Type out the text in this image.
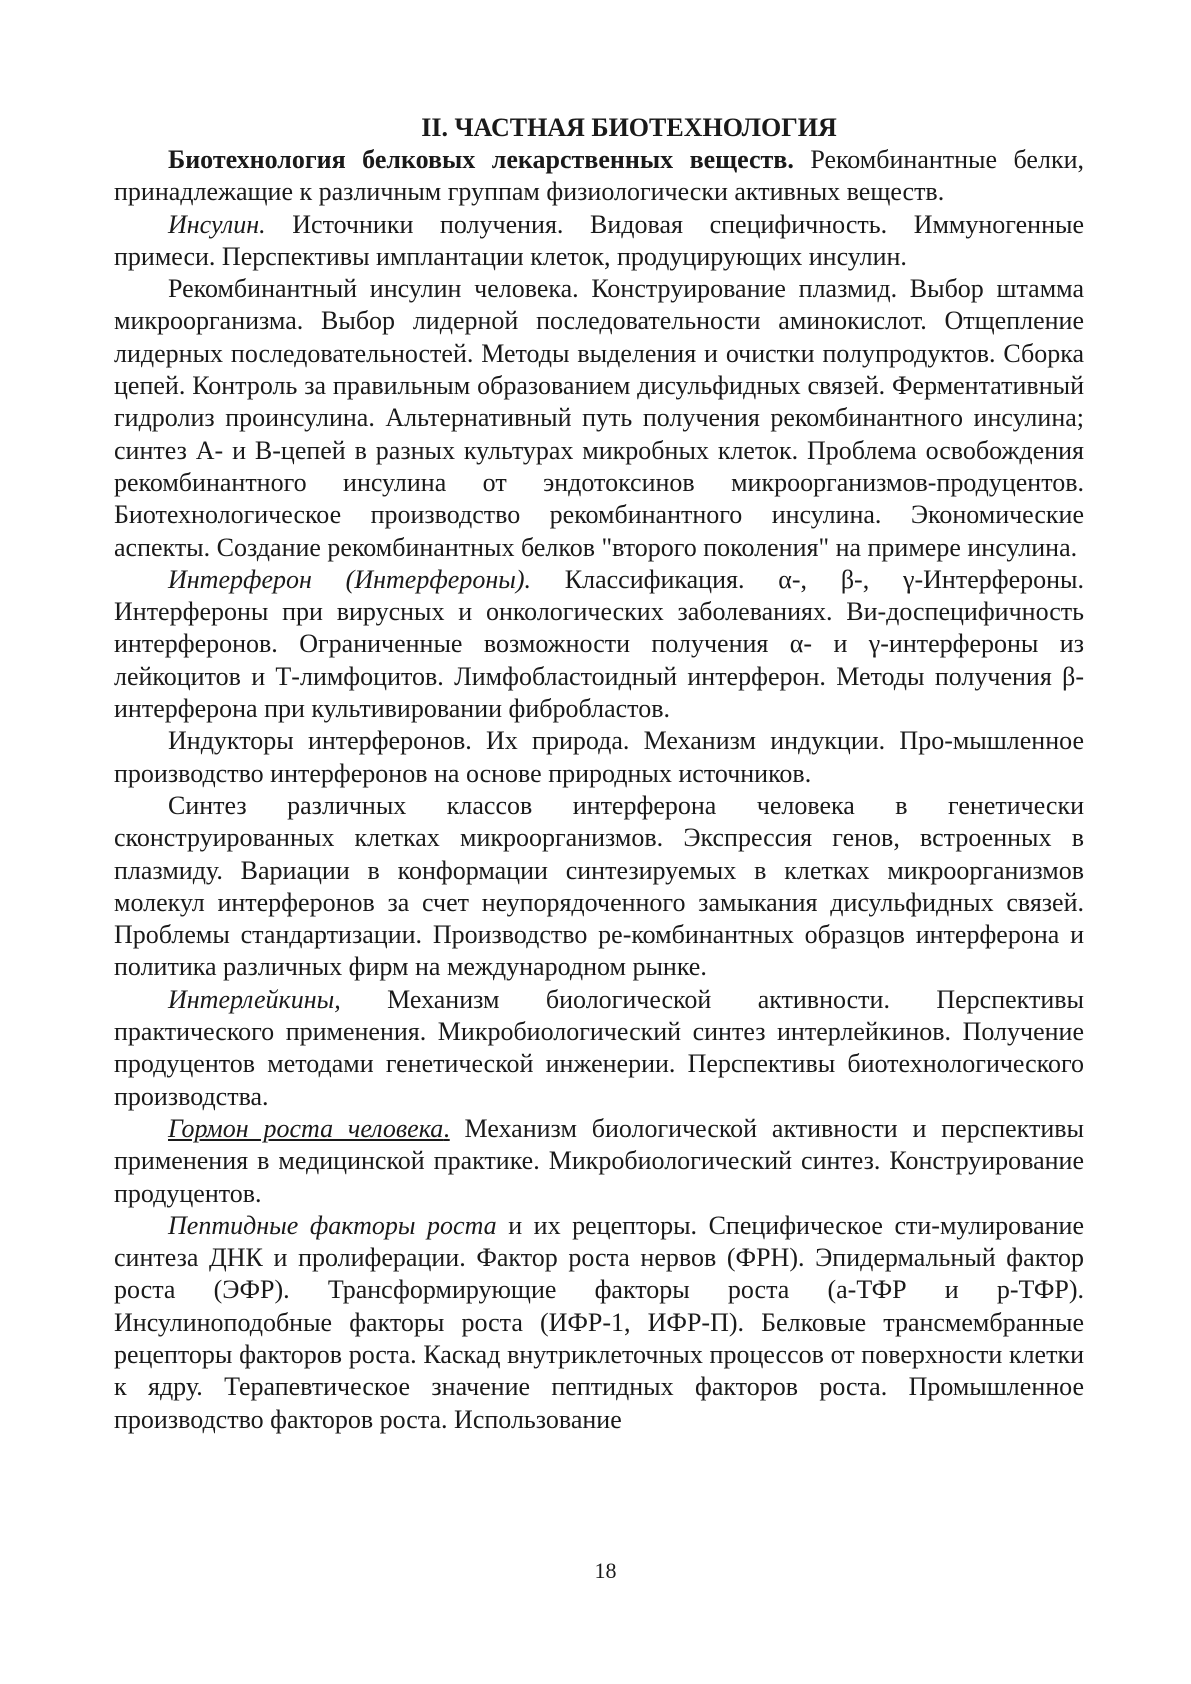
II. ЧАСТНАЯ БИОТЕХНОЛОГИЯ

Биотехнология белковых лекарственных веществ. Рекомбинантные белки, принадлежащие к различным группам физиологически активных веществ.

Инсулин. Источники получения. Видовая специфичность. Иммуногенные примеси. Перспективы имплантации клеток, продуцирующих инсулин.

Рекомбинантный инсулин человека. Конструирование плазмид. Выбор штамма микроорганизма. Выбор лидерной последовательности аминокислот. Отщепление лидерных последовательностей. Методы выделения и очистки полупродуктов. Сборка цепей. Контроль за правильным образованием дисульфидных связей. Ферментативный гидролиз проинсулина. Альтернативный путь получения рекомбинантного инсулина; синтез А- и В-цепей в разных культурах микробных клеток. Проблема освобождения рекомбинантного инсулина от эндотоксинов микроорганизмов-продуцентов. Биотехнологическое производство рекомбинантного инсулина. Экономические аспекты. Создание рекомбинантных белков "второго поколения" на примере инсулина.

Интерферон (Интерфероны). Классификация. α-, β-, γ-Интерфероны. Интерфероны при вирусных и онкологических заболеваниях. Ви-доспецифичность интерферонов. Ограниченные возможности получения α- и γ-интерфероны из лейкоцитов и Т-лимфоцитов. Лимфобластоидный интерферон. Методы получения β-интерферона при культивировании фибробластов.

Индукторы интерферонов. Их природа. Механизм индукции. Про-мышленное производство интерферонов на основе природных источников.

Синтез различных классов интерферона человека в генетически сконструированных клетках микроорганизмов. Экспрессия генов, встроенных в плазмиду. Вариации в конформации синтезируемых в клетках микроорганизмов молекул интерферонов за счет неупорядоченного замыкания дисульфидных связей. Проблемы стандартизации. Производство ре-комбинантных образцов интерферона и политика различных фирм на международном рынке.

Интерлейкины, Механизм биологической активности. Перспективы практического применения. Микробиологический синтез интерлейкинов. Получение продуцентов методами генетической инженерии. Перспективы биотехнологического производства.

Гормон роста человека. Механизм биологической активности и перспективы применения в медицинской практике. Микробиологический синтез. Конструирование продуцентов.

Пептидные факторы роста и их рецепторы. Специфическое сти-мулирование синтеза ДНК и пролиферации. Фактор роста нервов (ФРН). Эпидермальный фактор роста (ЭФР). Трансформирующие факторы роста (а-ТФР и р-ТФР). Инсулиноподобные факторы роста (ИФР-1, ИФР-П). Белковые трансмембранные рецепторы факторов роста. Каскад внутриклеточных процессов от поверхности клетки к ядру. Терапевтическое значение пептидных факторов роста. Промышленное производство факторов роста. Использование

18
